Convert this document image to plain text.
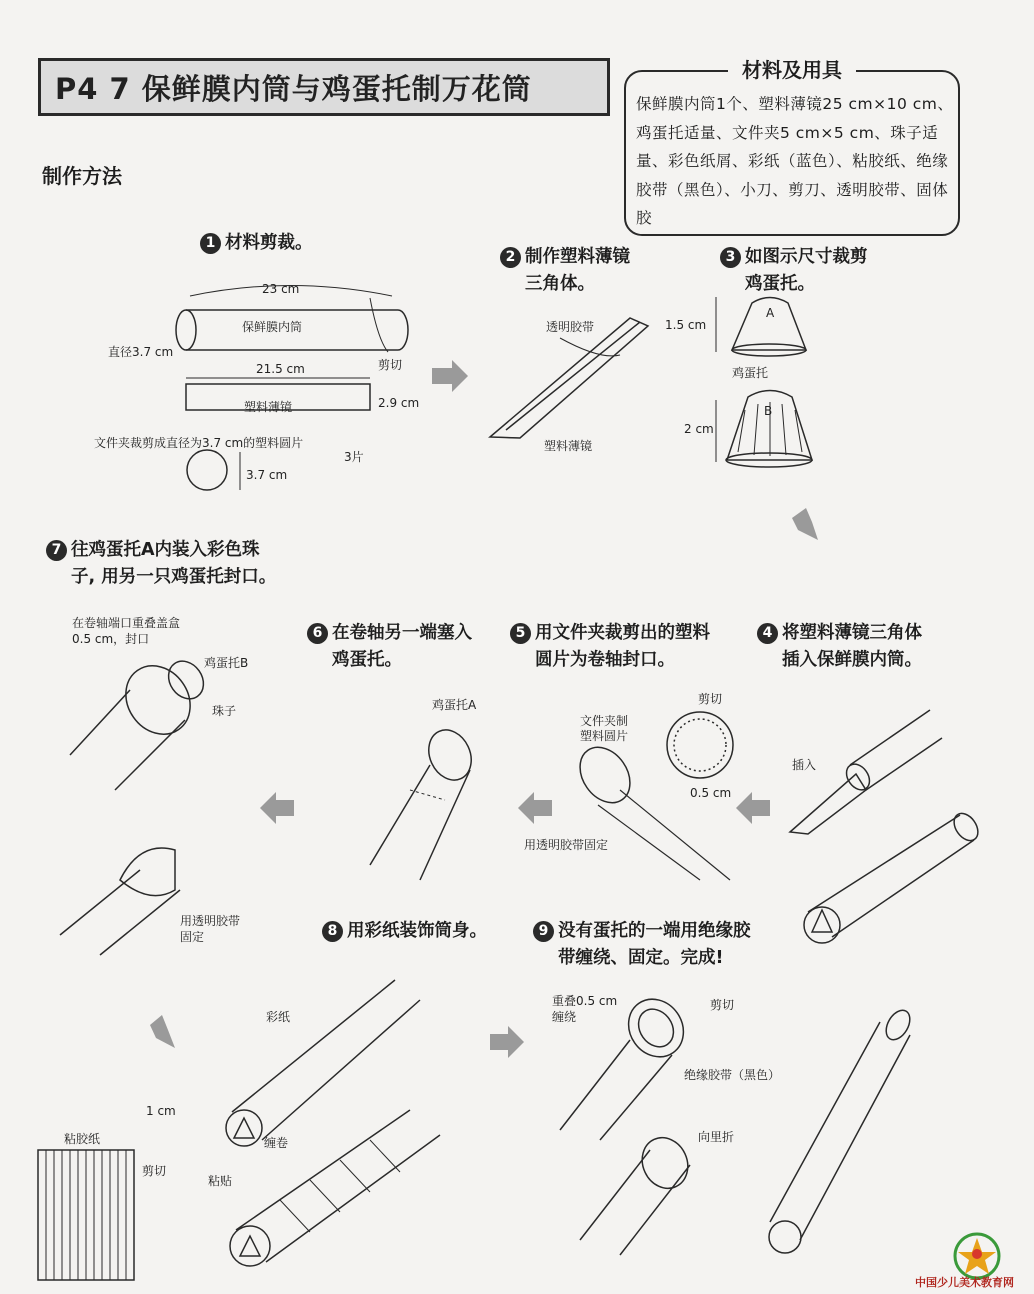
P4 7 保鲜膜内筒与鸡蛋托制万花筒
材料及用具
保鲜膜内筒1个、塑料薄镜25 cm×10 cm、鸡蛋托适量、文件夹5 cm×5 cm、珠子适量、彩色纸屑、彩纸（蓝色）、粘胶纸、绝缘胶带（黑色）、小刀、剪刀、透明胶带、固体胶
制作方法
1 材料剪裁。
2 制作塑料薄镜
三角体。
3 如图示尺寸裁剪
鸡蛋托。
4 将塑料薄镜三角体
插入保鲜膜内筒。
5 用文件夹裁剪出的塑料
圆片为卷轴封口。
6 在卷轴另一端塞入
鸡蛋托。
7 往鸡蛋托A内装入彩色珠
子, 用另一只鸡蛋托封口。
8 用彩纸装饰筒身。	9 没有蛋托的一端用绝缘胶
带缠绕、固定。完成!
23 cm
保鲜膜内筒
直径3.7 cm
剪切
21.5 cm
塑料薄镜	2.9 cm
3片
文件夹裁剪成直径为3.7 cm的塑料圆片
3.7 cm
透明胶带
塑料薄镜
1.5 cm
A
鸡蛋托
B
2 cm
插入
文件夹制
塑料圆片
剪切
0.5 cm
用透明胶带固定
鸡蛋托A
在卷轴端口重叠盖盒
0.5 cm，封口
鸡蛋托B
珠子
用透明胶带
固定
彩纸
缠卷
粘胶纸
1 cm
剪切
粘贴
重叠0.5 cm
缠绕
剪切
绝缘胶带（黑色）
向里折
中国少儿美术教育网
